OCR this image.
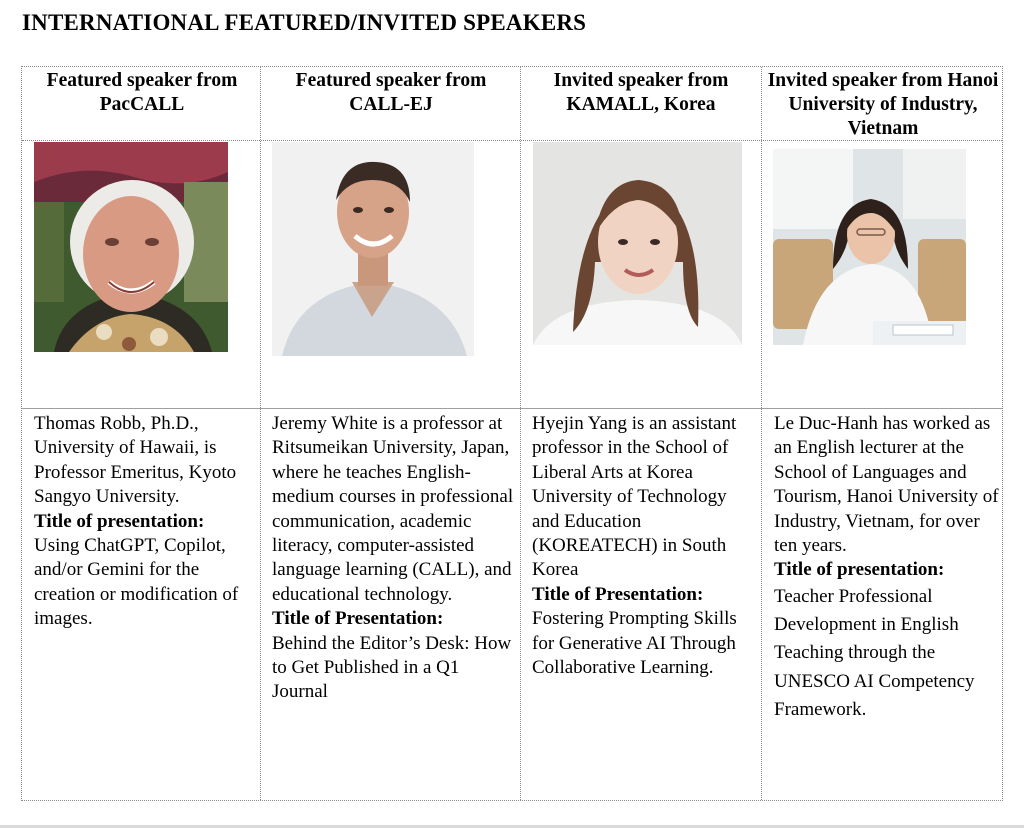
INTERNATIONAL FEATURED/INVITED SPEAKERS
Featured speaker from PacCALL
Featured speaker from CALL-EJ
Invited speaker from KAMALL, Korea
Invited speaker from Hanoi University of Industry, Vietnam

Thomas Robb, Ph.D., University of Hawaii, is Professor Emeritus, Kyoto Sangyo University.

Title of presentation:

Using ChatGPT, Copilot, and/or Gemini for the creation or modification of images.

Jeremy White is a professor at Ritsumeikan University, Japan, where he teaches English-medium courses in professional communication, academic literacy, computer-assisted language learning (CALL), and educational technology.

Title of Presentation:

Behind the Editor’s Desk: How to Get Published in a Q1 Journal

Hyejin Yang is an assistant professor in the School of Liberal Arts at Korea University of Technology and Education (KOREATECH) in South Korea

Title of Presentation:

Fostering Prompting Skills for Generative AI Through Collaborative Learning.

Le Duc-Hanh has worked as an English lecturer at the School of Languages and Tourism, Hanoi University of Industry, Vietnam, for over ten years.

Title of presentation:

Teacher Professional Development in English Teaching through the UNESCO AI Competency Framework.
